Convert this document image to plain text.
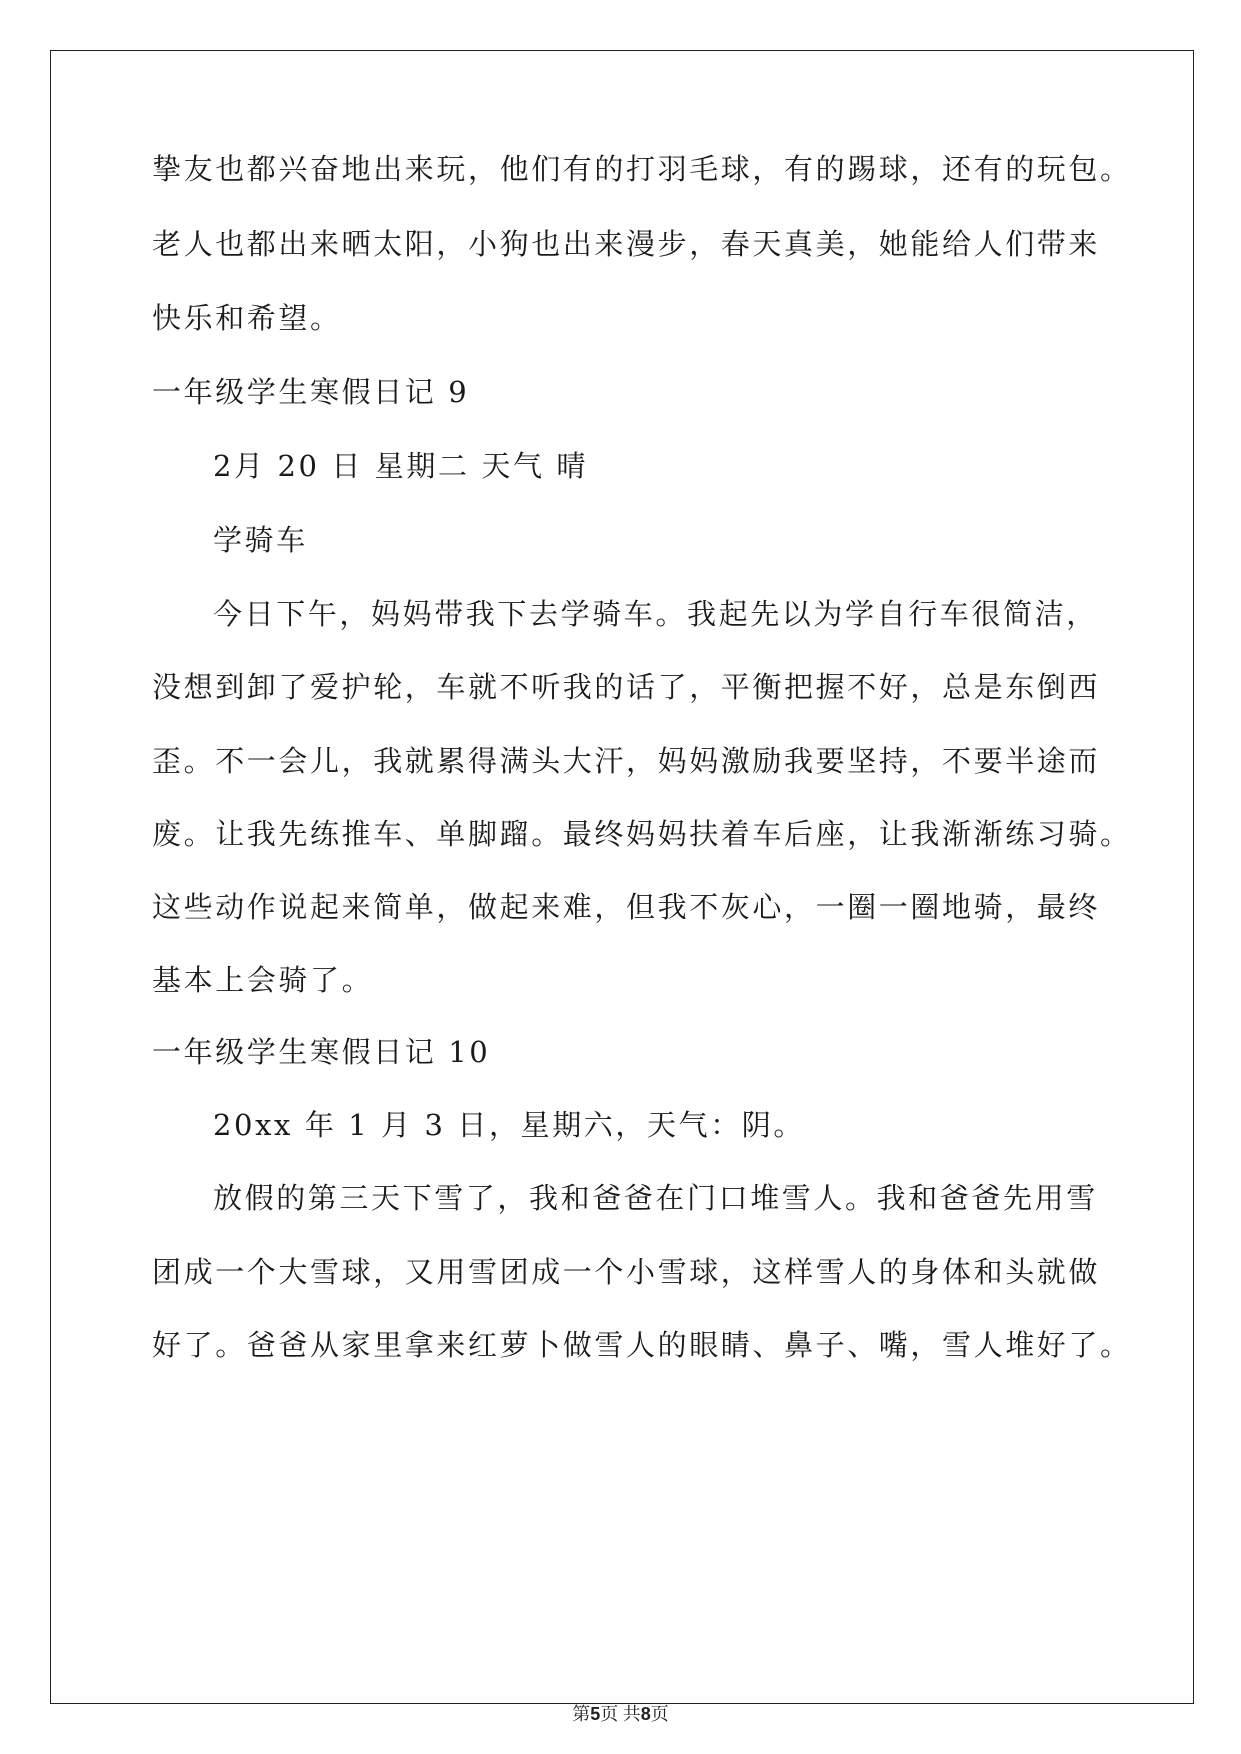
挚友也都兴奋地出来玩，他们有的打羽毛球，有的踢球，还有的玩包。
老人也都出来晒太阳，小狗也出来漫步，春天真美，她能给人们带来
快乐和希望。
一年级学生寒假日记 9
2月 20 日 星期二 天气 晴
学骑车
今日下午，妈妈带我下去学骑车。我起先以为学自行车很简洁，
没想到卸了爱护轮，车就不听我的话了，平衡把握不好，总是东倒西
歪。不一会儿，我就累得满头大汗，妈妈激励我要坚持，不要半途而
废。让我先练推车、单脚蹓。最终妈妈扶着车后座，让我渐渐练习骑。
这些动作说起来简单，做起来难，但我不灰心，一圈一圈地骑，最终
基本上会骑了。
一年级学生寒假日记 10
20xx 年 1 月 3 日，星期六，天气：阴。
放假的第三天下雪了，我和爸爸在门口堆雪人。我和爸爸先用雪
团成一个大雪球，又用雪团成一个小雪球，这样雪人的身体和头就做
好了。爸爸从家里拿来红萝卜做雪人的眼睛、鼻子、嘴，雪人堆好了。
第5页 共8页
